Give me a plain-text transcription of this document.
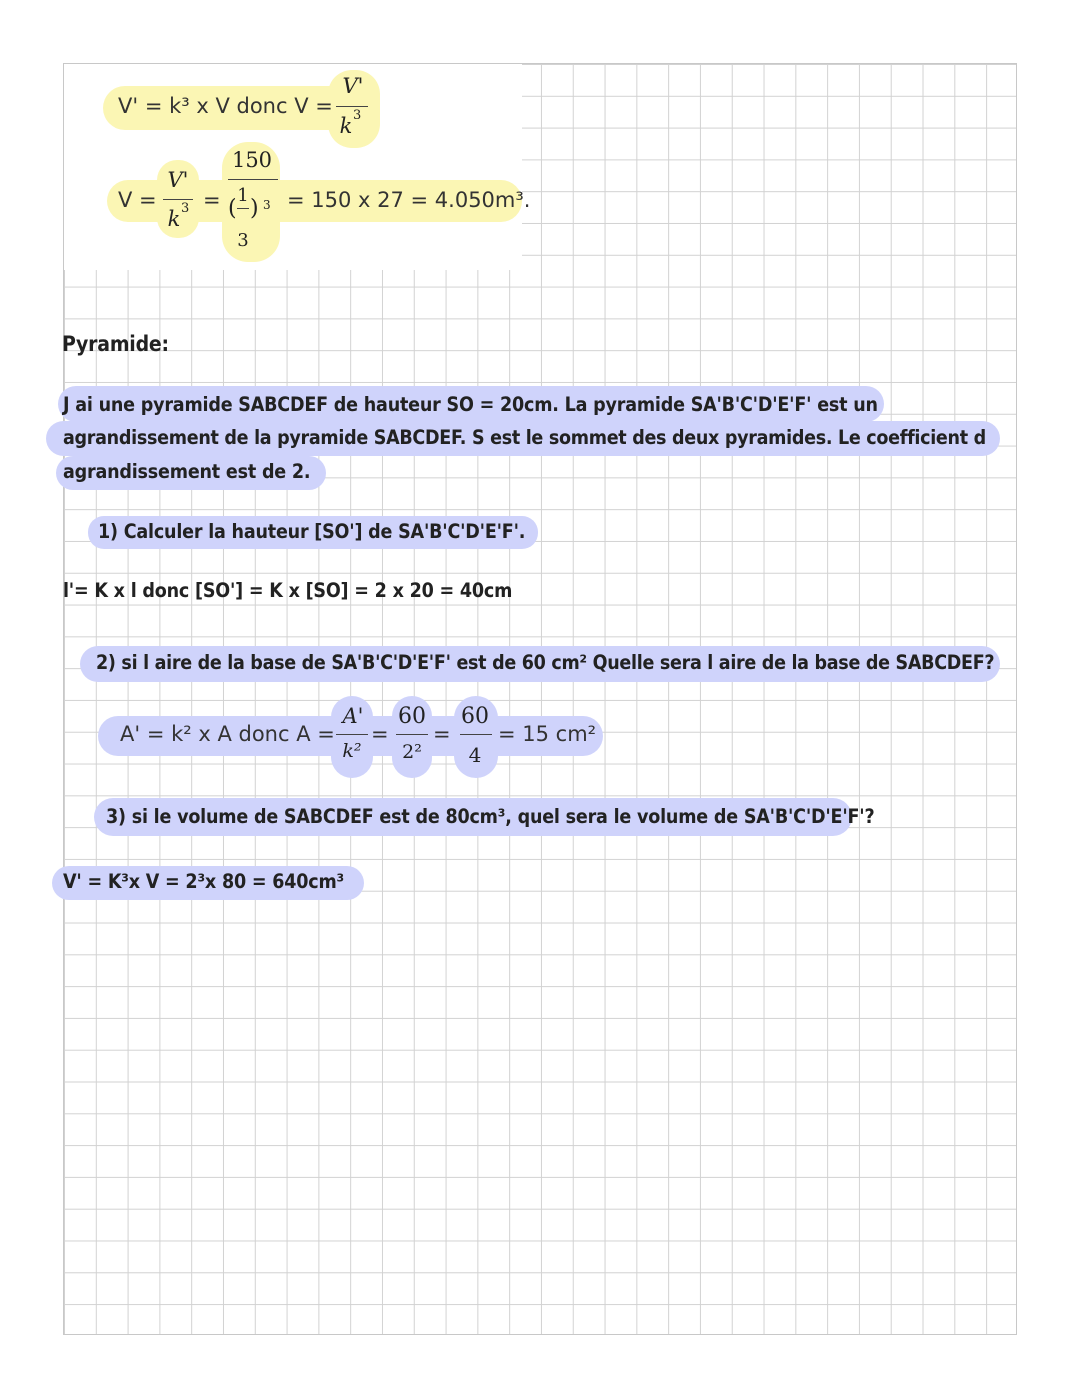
V' = k³ x V donc V =
V'
k 3
V =
V'
k 3 =
150
1
( )
3
3 = 150 x 27 = 4.050m³.
Pyramide:
J ai une pyramide SABCDEF de hauteur SO = 20cm. La pyramide SA'B'C'D'E'F' est un
agrandissement de la pyramide SABCDEF. S est le sommet des deux pyramides. Le coefficient d
agrandissement est de 2.
1) Calculer la hauteur [SO'] de SA'B'C'D'E'F'.
l'= K x l donc [SO'] = K x [SO] = 2 x 20 = 40cm
2) si l aire de la base de SA'B'C'D'E'F' est de 60 cm² Quelle sera l aire de la base de SABCDEF?
A' = k² x A donc A =
A'
k²
=
60
2²
=
60
4
= 15 cm²
3) si le volume de SABCDEF est de 80cm³, quel sera le volume de SA'B'C'D'E'F'?
V' = K³x V = 2³x 80 = 640cm³
